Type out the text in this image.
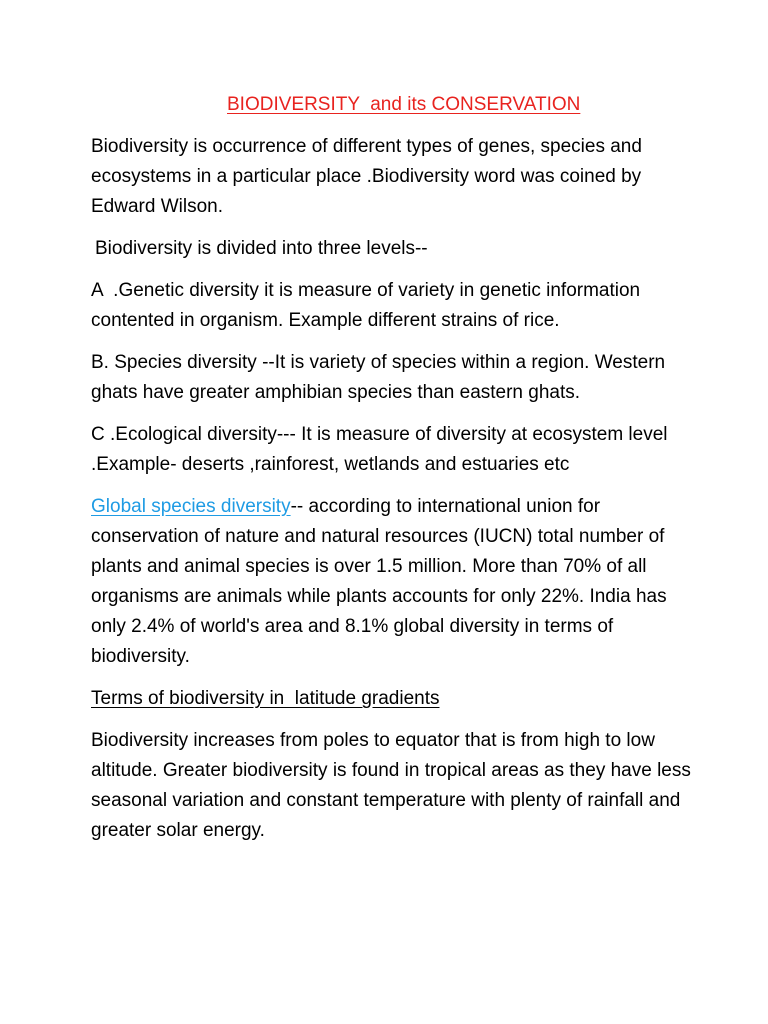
BIODIVERSITY  and its CONSERVATION

Biodiversity is occurrence of different types of genes, species and ecosystems in a particular place .Biodiversity word was coined by Edward Wilson.

Biodiversity is divided into three levels--

A  .Genetic diversity it is measure of variety in genetic information contented in organism. Example different strains of rice.

B. Species diversity --It is variety of species within a region. Western ghats have greater amphibian species than eastern ghats.

C .Ecological diversity--- It is measure of diversity at ecosystem level .Example- deserts ,rainforest, wetlands and estuaries etc

Global species diversity-- according to international union for conservation of nature and natural resources (IUCN) total number of plants and animal species is over 1.5 million. More than 70% of all organisms are animals while plants accounts for only 22%. India has only 2.4% of world's area and 8.1% global diversity in terms of biodiversity.

Terms of biodiversity in  latitude gradients

Biodiversity increases from poles to equator that is from high to low altitude. Greater biodiversity is found in tropical areas as they have less seasonal variation and constant temperature with plenty of rainfall and greater solar energy.
